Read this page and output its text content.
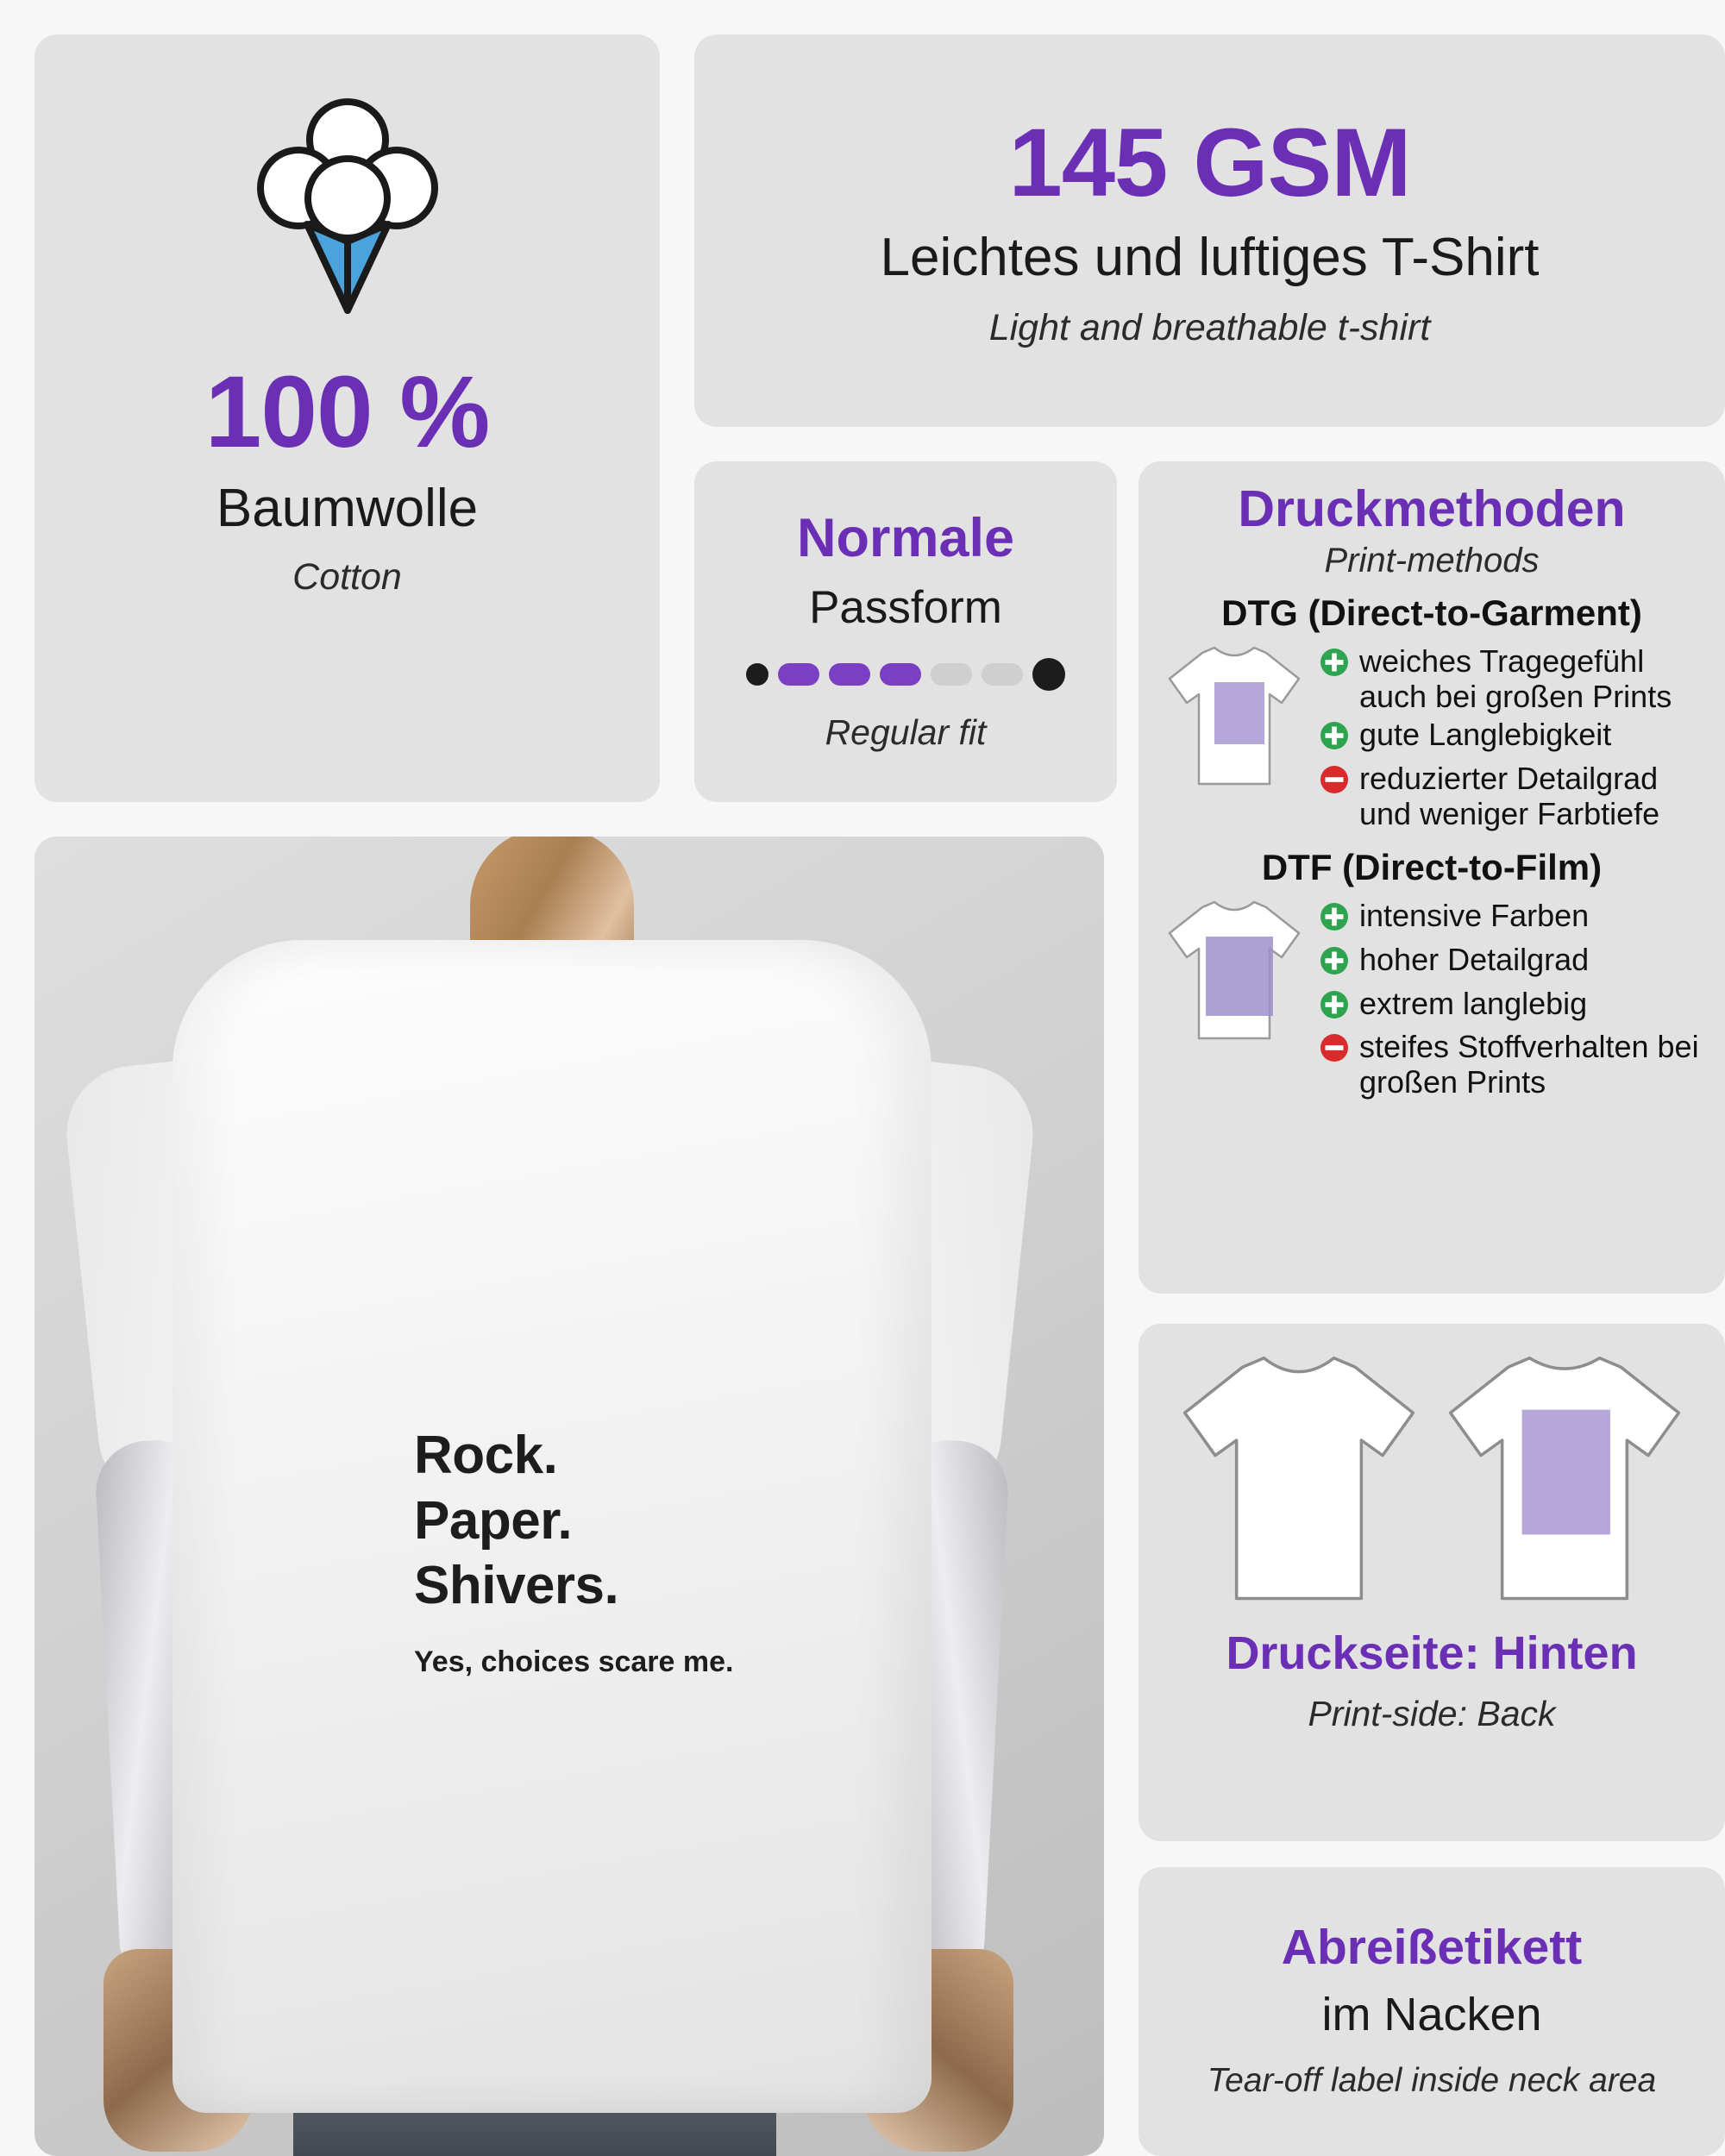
100 %
Baumwolle
Cotton
145 GSM
Leichtes und luftiges T-Shirt
Light and breathable t-shirt
Normale
Passform
Regular fit
Druckmethoden
Print-methods
DTG (Direct-to-Garment)
weiches Tragegefühl auch bei großen Prints
gute Langlebigkeit
reduzierter Detailgrad und weniger Farbtiefe
DTF (Direct-to-Film)
intensive Farben
hoher Detailgrad
extrem langlebig
steifes Stoffverhalten bei großen Prints
Rock.
Paper.
Shivers.
Yes, choices scare me.	Druckseite: Hinten
Print-side: Back
Abreißetikett
im Nacken
Tear-off label inside neck area
